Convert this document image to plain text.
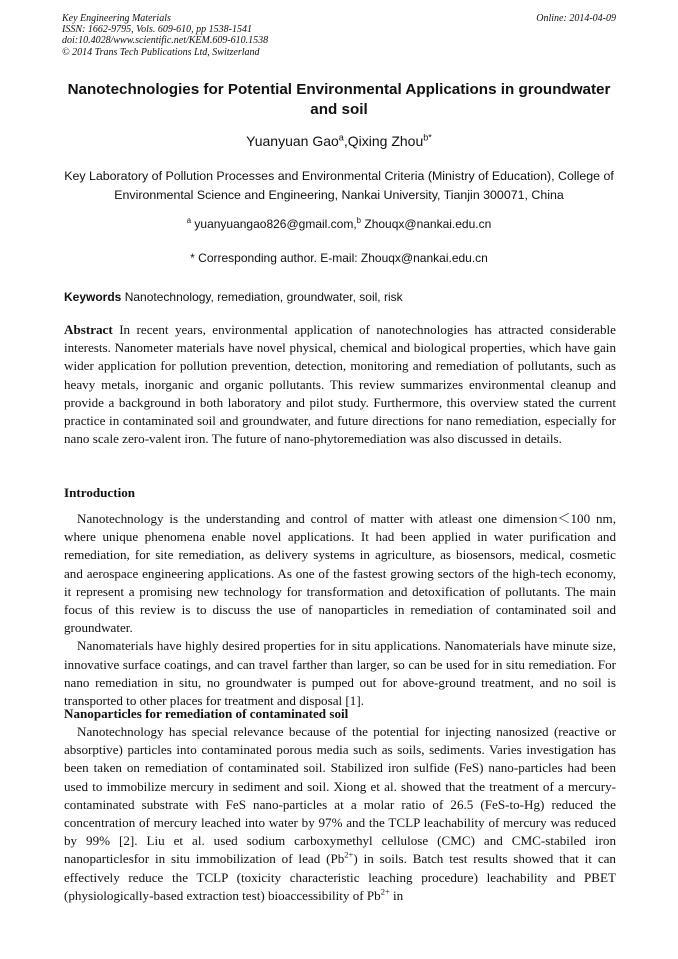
Key Engineering Materials
ISSN: 1662-9795, Vols. 609-610, pp 1538-1541
doi:10.4028/www.scientific.net/KEM.609-610.1538
© 2014 Trans Tech Publications Ltd, Switzerland
Online: 2014-04-09
Nanotechnologies for Potential Environmental Applications in groundwater and soil
Yuanyuan Gao$^a$,Qixing Zhou$^{b*}$
Key Laboratory of Pollution Processes and Environmental Criteria (Ministry of Education), College of Environmental Science and Engineering, Nankai University, Tianjin 300071, China
$^a$ yuanyuangao826@gmail.com,$^b$ Zhouqx@nankai.edu.cn
* Corresponding author. E-mail: Zhouqx@nankai.edu.cn
Keywords Nanotechnology, remediation, groundwater, soil, risk

Abstract In recent years, environmental application of nanotechnologies has attracted considerable interests. Nanometer materials have novel physical, chemical and biological properties, which have gain wider application for pollution prevention, detection, monitoring and remediation of pollutants, such as heavy metals, inorganic and organic pollutants. This review summarizes environmental cleanup and provide a background in both laboratory and pilot study. Furthermore, this overview stated the current practice in contaminated soil and groundwater, and future directions for nano remediation, especially for nano scale zero-valent iron. The future of nano-phytoremediation was also discussed in details.

Introduction

Nanotechnology is the understanding and control of matter with atleast one dimension＜100 nm, where unique phenomena enable novel applications. It had been applied in water purification and remediation, for site remediation, as delivery systems in agriculture, as biosensors, medical, cosmetic and aerospace engineering applications. As one of the fastest growing sectors of the high-tech economy, it represent a promising new technology for transformation and detoxification of pollutants. The main focus of this review is to discuss the use of nanoparticles in remediation of contaminated soil and groundwater.

Nanomaterials have highly desired properties for in situ applications. Nanomaterials have minute size, innovative surface coatings, and can travel farther than larger, so can be used for in situ remediation. For nano remediation in situ, no groundwater is pumped out for above-ground treatment, and no soil is transported to other places for treatment and disposal [1].

Nanoparticles for remediation of contaminated soil

Nanotechnology has special relevance because of the potential for injecting nanosized (reactive or absorptive) particles into contaminated porous media such as soils, sediments. Varies investigation has been taken on remediation of contaminated soil. Stabilized iron sulfide (FeS) nano-particles had been used to immobilize mercury in sediment and soil. Xiong et al. showed that the treatment of a mercury-contaminated substrate with FeS nano-particles at a molar ratio of 26.5 (FeS-to-Hg) reduced the concentration of mercury leached into water by 97% and the TCLP leachability of mercury was reduced by 99% [2]. Liu et al. used sodium carboxymethyl cellulose (CMC) and CMC-stabiled iron nanoparticlesfor in situ immobilization of lead $(Pb^{2+})$ in soils. Batch test results showed that it can effectively reduce the TCLP (toxicity characteristic leaching procedure) leachability and PBET (physiologically-based extraction test) bioaccessibility of $Pb^{2+}$ in
